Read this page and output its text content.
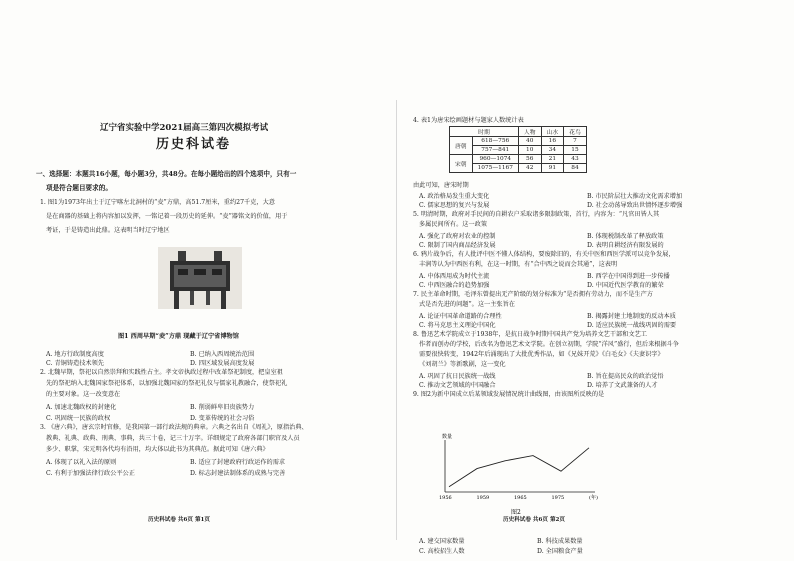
辽宁省实验中学2021届高三第四次模拟考试
历史科试卷
一、选择题：本题共16小题，每小题3分，共48分。在每小题给出的四个选项中，只有一
项是符合题目要求的。
1. 图1为1973年出土于辽宁喀左北洞村的“夌”方鼎，高51.7厘米，重约27千克，大意
是在商器的基础上将内容加以发挥，一铭记着一段历史的延伸。“夌”器铭文的价值，用于
考证，于是铸造出此鼎。这表明当时辽宁地区
图1 西周早期“夌”方鼎 现藏于辽宁省博物馆
A. 地方行政制度高度	B. 已纳入西周统治范围
C. 青铜铸造技术领先	D. 四区域发展高度发展
2. 北魏早期，祭祀以自然崇拜和实践性占主。孝文帝执政过程中改革祭祀制度，把皇室祖
先的祭祀纳入北魏国家祭祀体系，以加强北魏国家的祭祀礼仪与儒家礼教融合，使祭祀礼
的主要对象。这一改变意在
A. 加速北魏政权的封建化	B. 削弱鲜卑旧贵族势力
C. 巩固统一民族的政权	D. 变革传统的社会习俗
3. 《唐六典》，唐玄宗时官修，是我国第一部行政法规的典章。六典之名出自《周礼》，原指治典、
教典、礼典、政典、刑典、事典，共三十卷，记三十万字。详细规定了政府各部门职官及人员
多少、职掌，宋元明各代均有沿用，均大体以此书为其典范。据此可知《唐六典》
A. 体现了以礼入法的原则	B. 适应了封建政府行政运作的需求
C. 有利于加强法律行政公平公正	D. 标志封建法制体系的成熟与完善
历史科试卷 共6页 第1页
4. 表1为唐宋绘画题材与题家人数统计表
时期		人物	山水	花鸟
唐朝	618—756	40	16	7
	757—841	10	34	15
宋朝	960—1074	56	21	43
	1075—1167	42	91	84
由此可知，唐宋时期
A. 政治格局发生重大变化	B. 市民阶层壮大推动文化需求增加
C. 儒家思想的复兴与发展	D. 社会动荡导致出世情怀逐步增强
5. 明清时期，政府对手民间的自耕农户采取诸多限制政策，首行，内容为：“凡官田皆人其
多属民间所有。这一政策
A. 强化了政府对农业的控制	B. 体现税制改革了释放政策
C. 限制了国内商品经济发展	D. 表明自耕经济有限发展的
6. 鸦片战争后，有人批评中医不懂人体结构，要废除旧的，有关中医和西医学派可以竞争发展，
丰润等认为中西医有利，在这一时期，有“合中西之说而会其通”，这表明
A. 中体西用成为时代主流	B. 西学在中国得到进一步传播
C. 中西医融合的趋势加强	D. 中国近代医学教育的繁荣
7. 民主革命时期，毛泽东曾提出无产阶级的划分标准为“是否拥有劳动力，而不是生产方
式是否先进的问题”。这一主张旨在
A. 论证中国革命道路的合理性	B. 揭露封建土地制度的反动本质
C. 将马克思主义理论中国化	D. 适应民族统一战线巩固的需要
8. 鲁迅艺术学院成立于1938年，是抗日战争时期中国共产党为培养文艺干部和文艺工
作者而创办的学校，后改名为鲁迅艺术文学院。在创立初期，学院“洋风”盛行，但后来根据斗争
需要很快转变，1942年后涌现出了大批优秀作品，如《兄妹开荒》《白毛女》《夫妻识字》
《刘胡兰》等新歌剧，这一变化
A. 巩固了抗日民族统一战线	B. 旨在提高民众的政治觉悟
C. 推动文艺领域的中国融合	D. 培养了文武兼备的人才
9. 图2为新中国成立后某领域发展情况统计曲线图，由该图所反映的是
数量
1956	1959	1965	1975	(年)
图2
A. 建交国家数量	B. 科技成果数量
C. 高校招生人数	D. 全国粮食产量
历史科试卷 共6页 第2页
